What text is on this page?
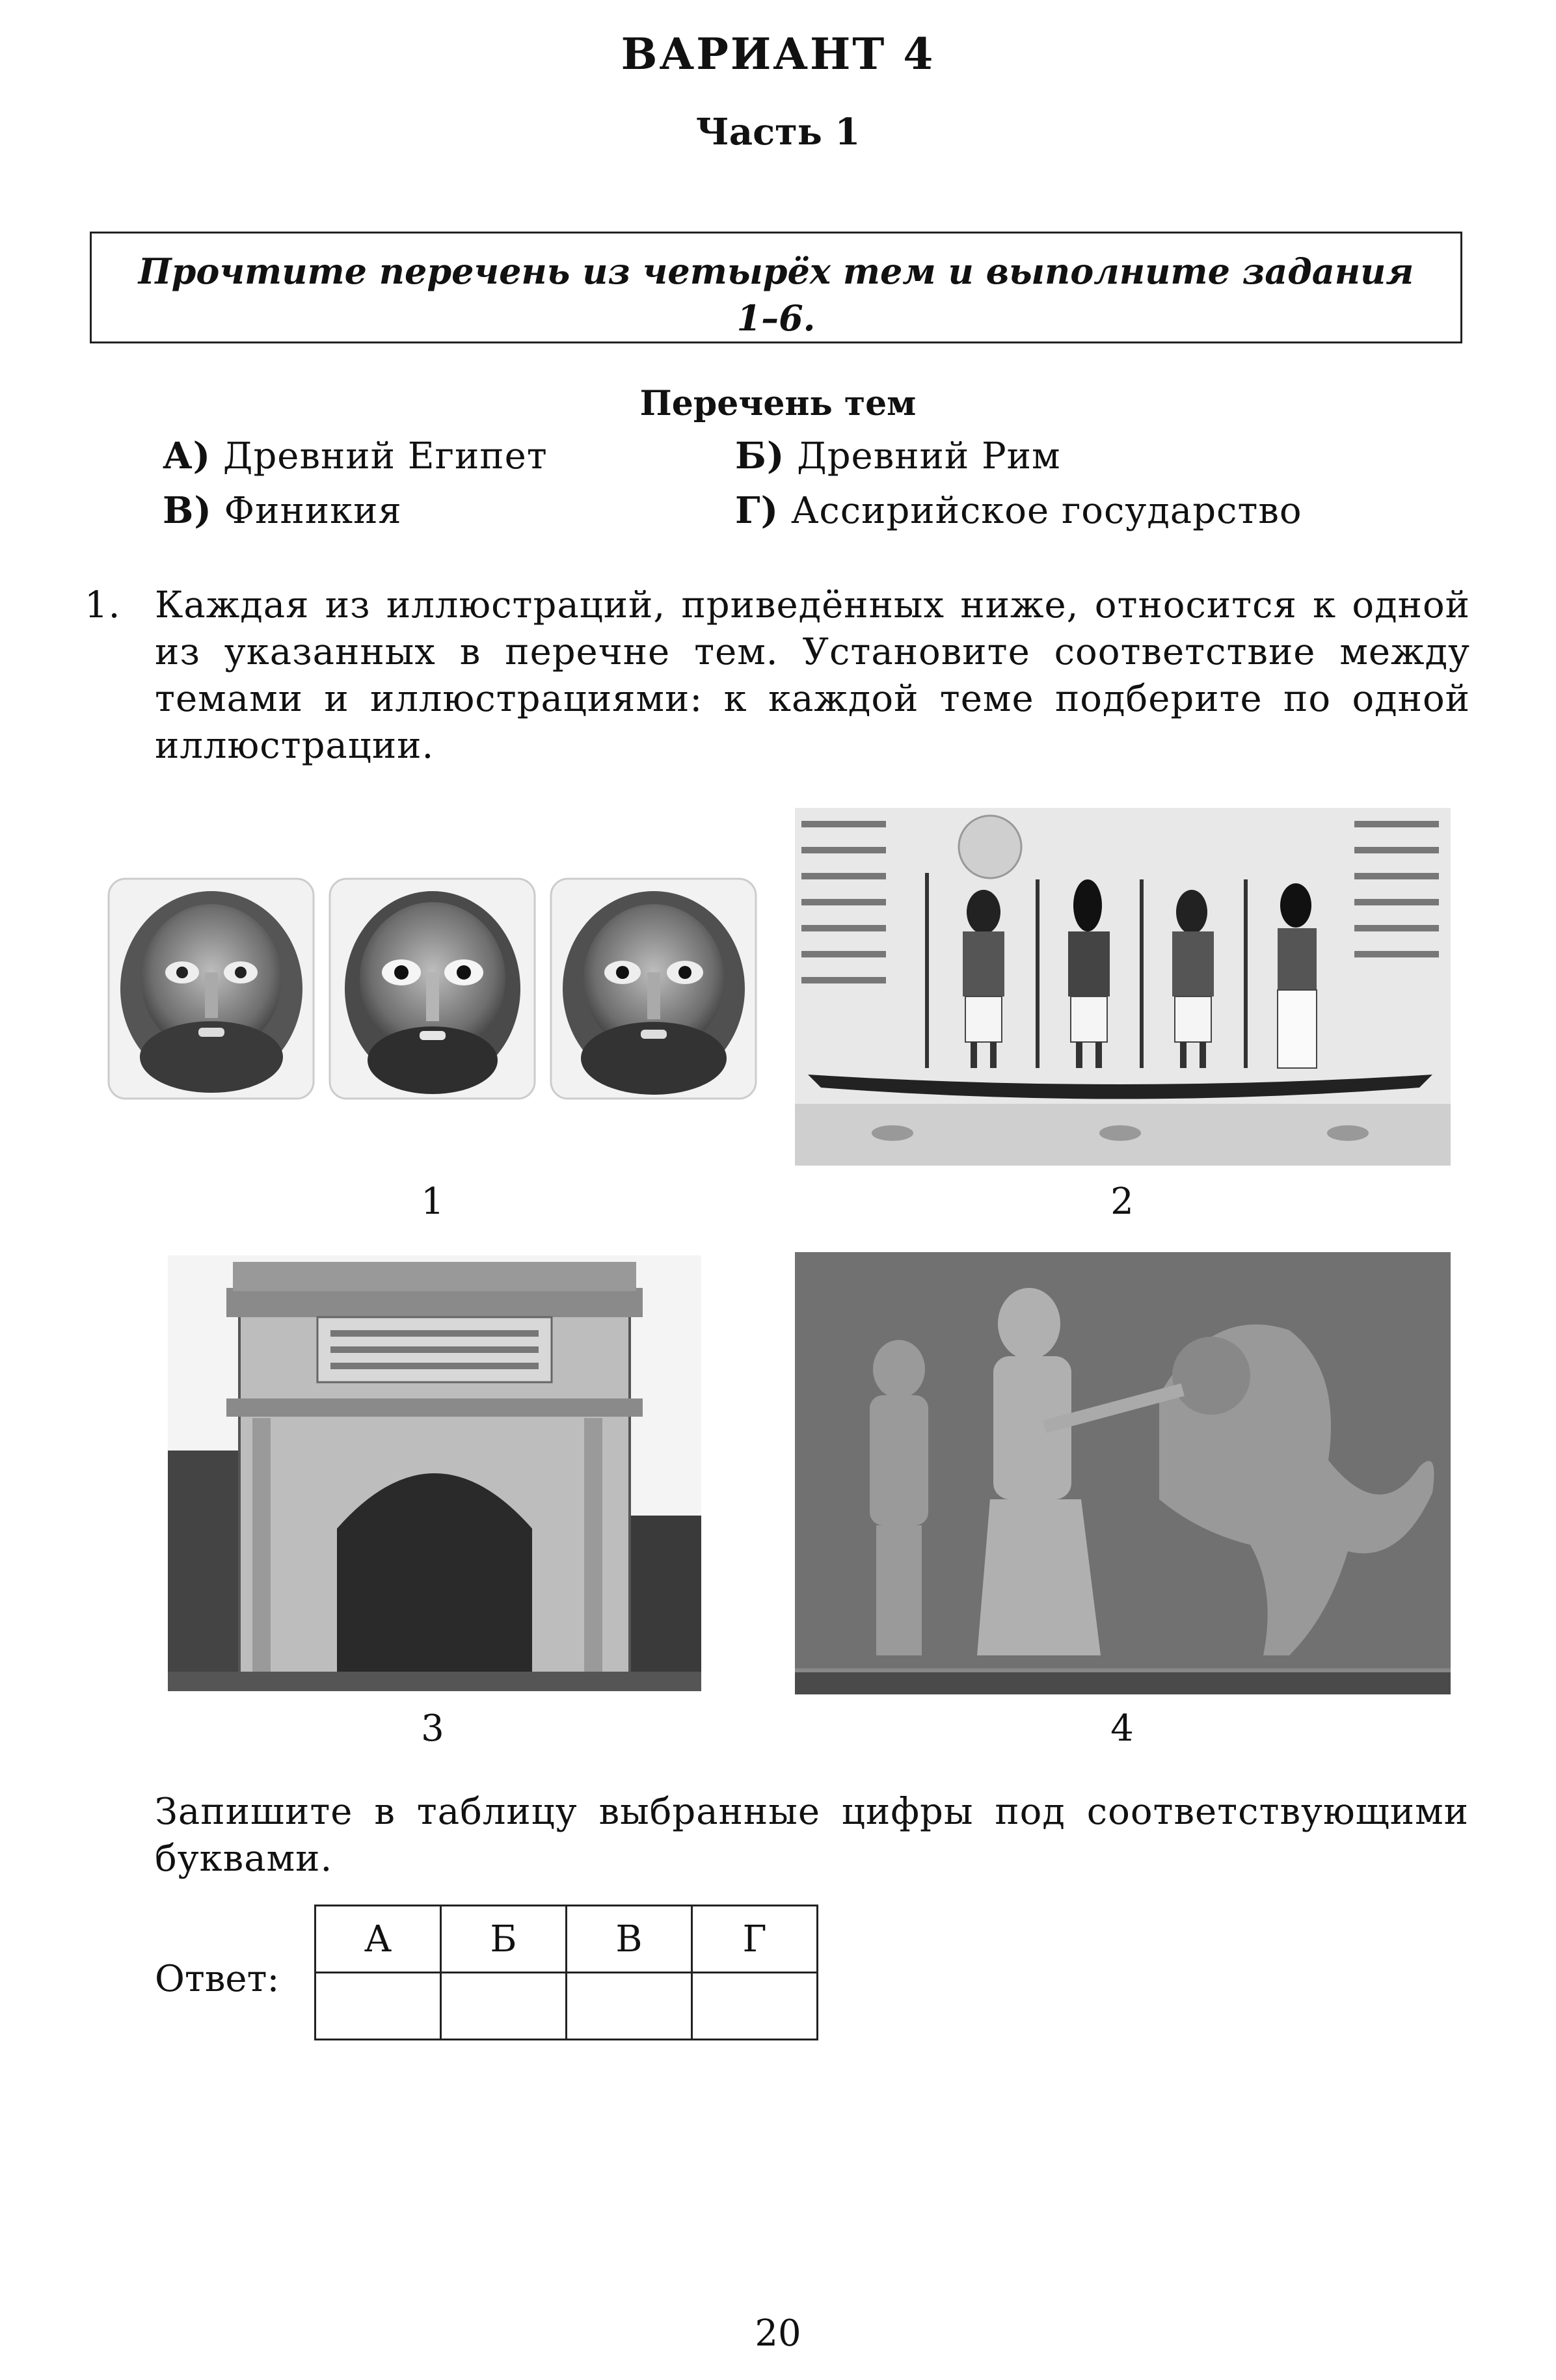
ВАРИАНТ 4
Часть 1
Прочтите перечень из четырёх тем и выполните задания 1–6.
Перечень тем
А) Древний Египет	Б) Древний Рим
В) Финикия	Г) Ассирийское государство
1. Каждая из иллюстраций, приведённых ниже, относится к одной из указанных в перечне тем. Установите соответствие между темами и иллюстрациями: к каждой теме подберите по одной иллюстрации.
1	2
3	4
Запишите в таблицу выбранные цифры под соответствующими буквами.
Ответ:
А	Б	В	Г

20
